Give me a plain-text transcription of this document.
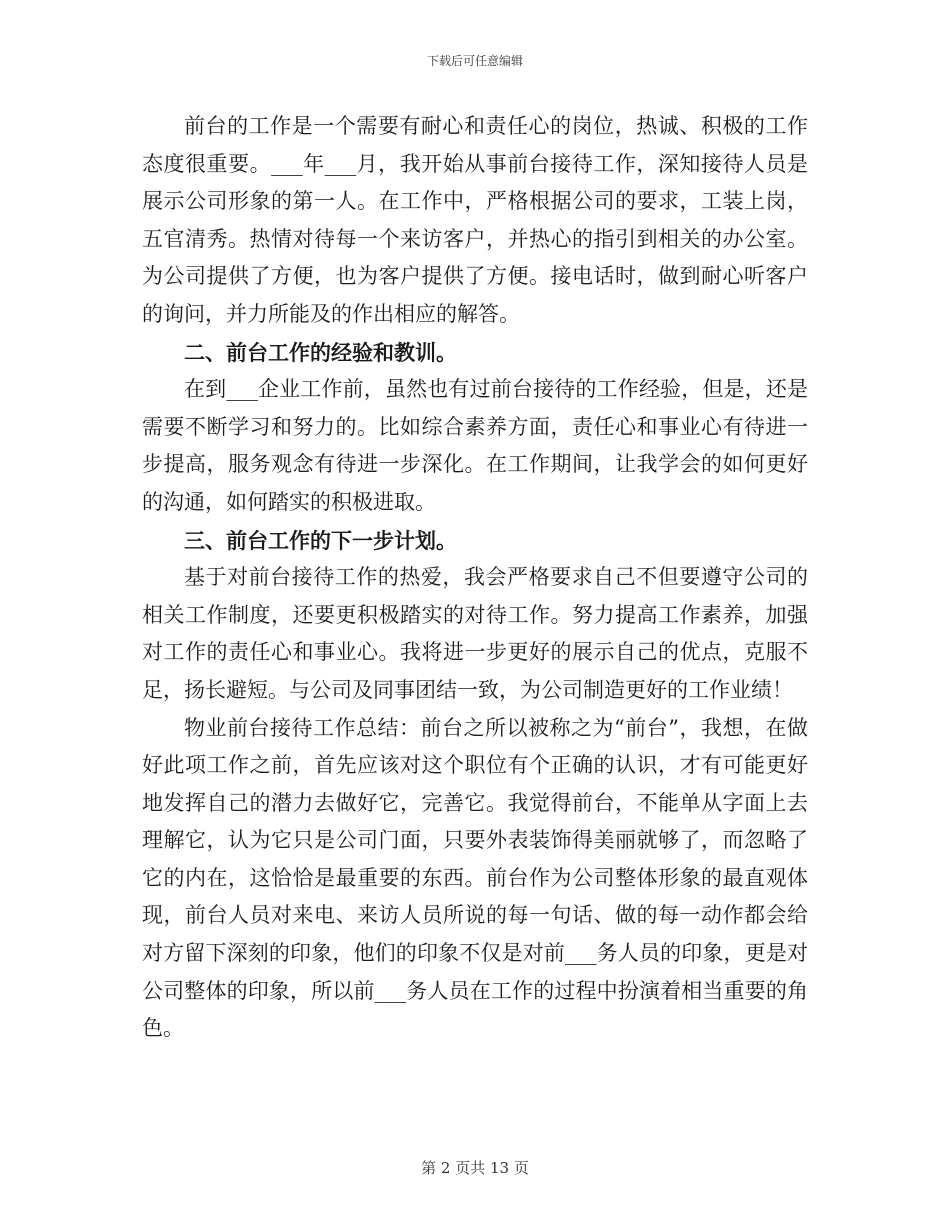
下载后可任意编辑

前台的工作是一个需要有耐心和责任心的岗位，热诚、积极的工作态度很重要。___年___月，我开始从事前台接待工作，深知接待人员是展示公司形象的第一人。在工作中，严格根据公司的要求，工装上岗，五官清秀。热情对待每一个来访客户，并热心的指引到相关的办公室。为公司提供了方便，也为客户提供了方便。接电话时，做到耐心听客户的询问，并力所能及的作出相应的解答。

二、前台工作的经验和教训。

在到___企业工作前，虽然也有过前台接待的工作经验，但是，还是需要不断学习和努力的。比如综合素养方面，责任心和事业心有待进一步提高，服务观念有待进一步深化。在工作期间，让我学会的如何更好的沟通，如何踏实的积极进取。

三、前台工作的下一步计划。

基于对前台接待工作的热爱，我会严格要求自己不但要遵守公司的相关工作制度，还要更积极踏实的对待工作。努力提高工作素养，加强对工作的责任心和事业心。我将进一步更好的展示自己的优点，克服不足，扬长避短。与公司及同事团结一致，为公司制造更好的工作业绩！

物业前台接待工作总结：前台之所以被称之为“前台”，我想，在做好此项工作之前，首先应该对这个职位有个正确的认识，才有可能更好地发挥自己的潜力去做好它，完善它。我觉得前台，不能单从字面上去理解它，认为它只是公司门面，只要外表装饰得美丽就够了，而忽略了它的内在，这恰恰是最重要的东西。前台作为公司整体形象的最直观体现，前台人员对来电、来访人员所说的每一句话、做的每一动作都会给对方留下深刻的印象，他们的印象不仅是对前___务人员的印象，更是对公司整体的印象，所以前___务人员在工作的过程中扮演着相当重要的角色。

第 2 页共 13 页
